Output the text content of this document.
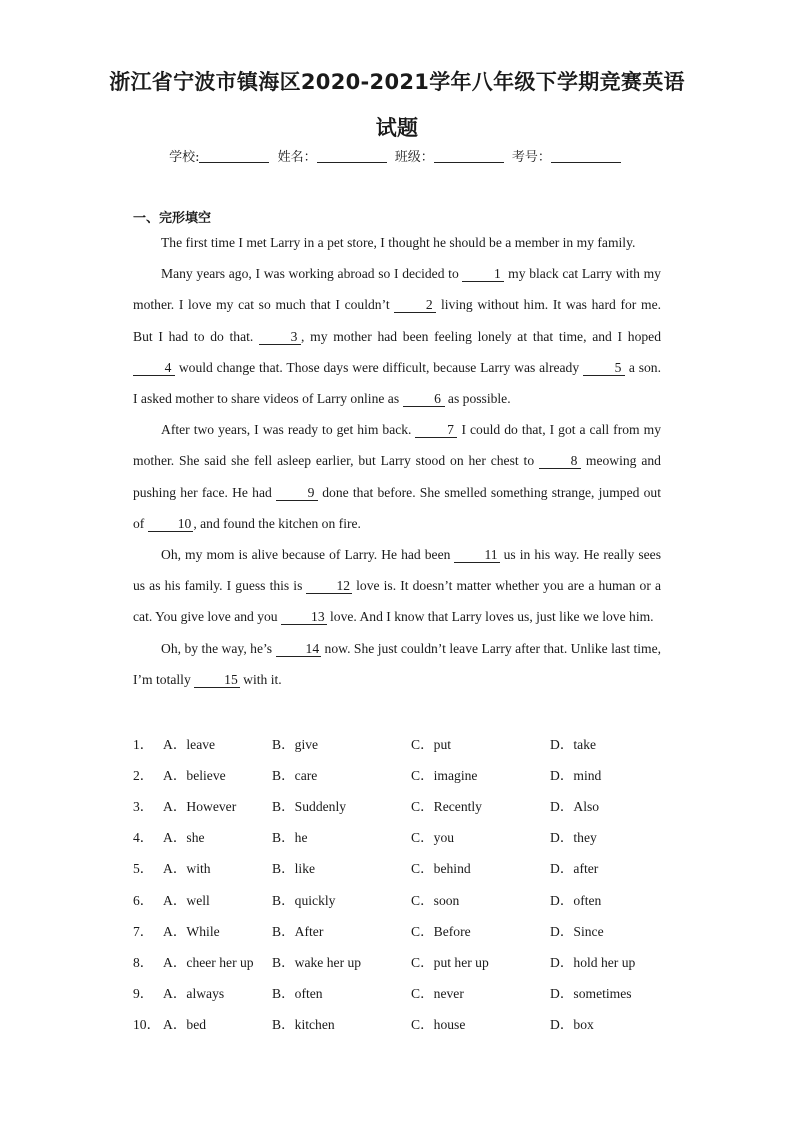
浙江省宁波市镇海区2020-2021学年八年级下学期竞赛英语
试题
学校:	姓名：	班级：	考号：
一、完形填空

The first time I met Larry in a pet store, I thought he should be a member in my family.

Many years ago, I was working abroad so I decided to 1 my black cat Larry with my mother. I love my cat so much that I couldn’t 2 living without him. It was hard for me. But I had to do that. 3 , my mother had been feeling lonely at that time, and I hoped 4 would change that. Those days were difficult, because Larry was already 5 a son. I asked mother to share videos of Larry online as 6 as possible.

After two years, I was ready to get him back. 7 I could do that, I got a call from my mother. She said she fell asleep earlier, but Larry stood on her chest to 8 meowing and pushing her face. He had 9 done that before. She smelled something strange, jumped out of 10 , and found the kitchen on fire.

Oh, my mom is alive because of Larry. He had been 11 us in his way. He really sees us as his family. I guess this is 12 love is. It doesn’t matter whether you are a human or a cat. You give love and you 13 love. And I know that Larry loves us, just like we love him.

Oh, by the way, he’s 14 now. She just couldn’t leave Larry after that. Unlike last time, I’m totally 15 with it.

1． A．leave	B．give	C．put	D．take
2． A．believe	B．care	C．imagine	D．mind
3． A．However	B．Suddenly	C．Recently	D．Also
4． A．she	B．he	C．you	D．they
5． A．with	B．like	C．behind	D．after
6． A．well	B．quickly	C．soon	D．often
7． A．While	B．After	C．Before	D．Since
8． A．cheer her up	B．wake her up	C．put her up	D．hold her up
9． A．always	B．often	C．never	D．sometimes
10． A．bed	B．kitchen	C．house	D．box
